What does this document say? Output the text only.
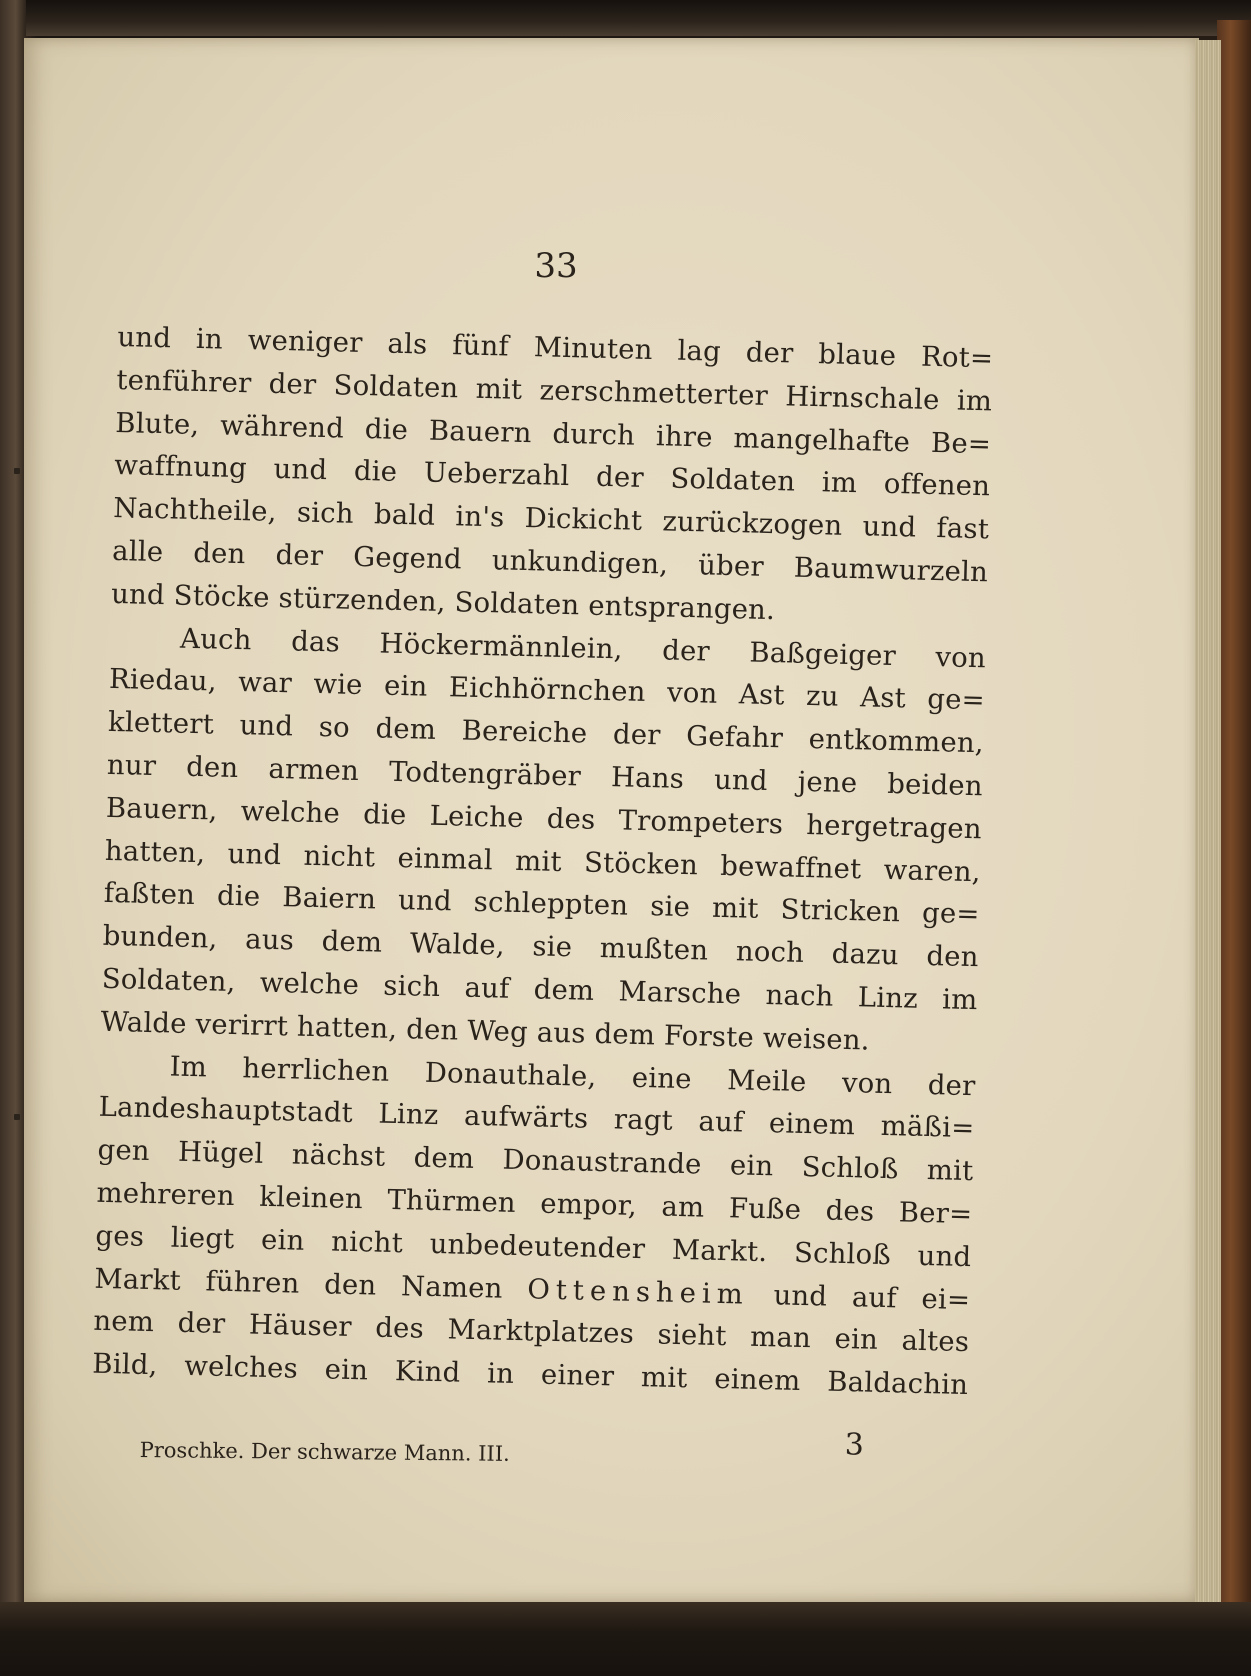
33

und in weniger als fünf Minuten lag der blaue Rot=

tenführer der Soldaten mit zerschmetterter Hirnschale im

Blute, während die Bauern durch ihre mangelhafte Be=

waffnung und die Ueberzahl der Soldaten im offenen

Nachtheile, sich bald in's Dickicht zurückzogen und fast

alle den der Gegend unkundigen, über Baumwurzeln

und Stöcke stürzenden, Soldaten entsprangen.

Auch das Höckermännlein, der Baßgeiger von

Riedau, war wie ein Eichhörnchen von Ast zu Ast ge=

klettert und so dem Bereiche der Gefahr entkommen,

nur den armen Todtengräber Hans und jene beiden

Bauern, welche die Leiche des Trompeters hergetragen

hatten, und nicht einmal mit Stöcken bewaffnet waren,

faßten die Baiern und schleppten sie mit Stricken ge=

bunden, aus dem Walde, sie mußten noch dazu den

Soldaten, welche sich auf dem Marsche nach Linz im

Walde verirrt hatten, den Weg aus dem Forste weisen.

Im herrlichen Donauthale, eine Meile von der

Landeshauptstadt Linz aufwärts ragt auf einem mäßi=

gen Hügel nächst dem Donaustrande ein Schloß mit

mehreren kleinen Thürmen empor, am Fuße des Ber=

ges liegt ein nicht unbedeutender Markt. Schloß und

Markt führen den Namen Ottensheim und auf ei=

nem der Häuser des Marktplatzes sieht man ein altes

Bild, welches ein Kind in einer mit einem Baldachin

Proschke. Der schwarze Mann. III.	3
